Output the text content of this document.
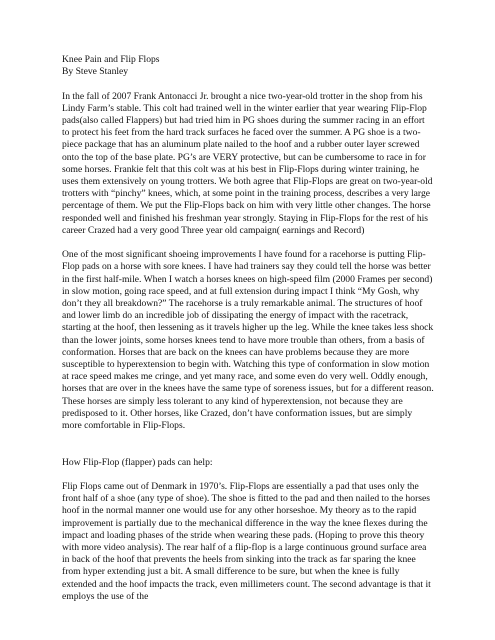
Knee Pain and Flip Flops

By Steve Stanley

In the fall of 2007 Frank Antonacci Jr. brought a nice two-year-old trotter in the shop from his Lindy Farm’s stable. This colt had trained well in the winter earlier that year wearing Flip-Flop pads(also called Flappers) but had tried him in PG shoes during the summer racing in an effort to protect his feet from the hard track surfaces he faced over the summer. A PG shoe is a two-piece package that has an aluminum plate nailed to the hoof and a rubber outer layer screwed onto the top of the base plate. PG’s are VERY protective, but can be cumbersome to race in for some horses. Frankie felt that this colt was at his best in Flip-Flops during winter training, he uses them extensively on young trotters. We both agree that Flip-Flops are great on two-year-old trotters with “pinchy” knees, which, at some point in the training process, describes a very large percentage of them. We put the Flip-Flops back on him with very little other changes. The horse responded well and finished his freshman year strongly. Staying in Flip-Flops for the rest of his career Crazed had a very good Three year old campaign( earnings and Record)

One of the most significant shoeing improvements I have found for a racehorse is putting Flip-Flop pads on a horse with sore knees. I have had trainers say they could tell the horse was better in the first half-mile. When I watch a horses knees on high-speed film (2000 Frames per second) in slow motion, going race speed, and at full extension during impact I think “My Gosh, why don’t they all breakdown?” The racehorse is a truly remarkable animal. The structures of hoof and lower limb do an incredible job of dissipating the energy of impact with the racetrack, starting at the hoof, then lessening as it travels higher up the leg. While the knee takes less shock than the lower joints, some horses knees tend to have more trouble than others, from a basis of conformation. Horses that are back on the knees can have problems because they are more susceptible to hyperextension to begin with. Watching this type of conformation in slow motion at race speed makes me cringe, and yet many race, and some even do very well. Oddly enough, horses that are over in the knees have the same type of soreness issues, but for a different reason. These horses are simply less tolerant to any kind of hyperextension, not because they are predisposed to it. Other horses, like Crazed, don’t have conformation issues, but are simply more comfortable in Flip-Flops.

How Flip-Flop (flapper) pads can help:

Flip Flops came out of Denmark in 1970’s. Flip-Flops are essentially a pad that uses only the front half of a shoe (any type of shoe). The shoe is fitted to the pad and then nailed to the horses hoof in the normal manner one would use for any other horseshoe. My theory as to the rapid improvement is partially due to the mechanical difference in the way the knee flexes during the impact and loading phases of the stride when wearing these pads. (Hoping to prove this theory with more video analysis). The rear half of a flip-flop is a large continuous ground surface area in back of the hoof that prevents the heels from sinking into the track as far sparing the knee from hyper extending just a bit. A small difference to be sure, but when the knee is fully extended and the hoof impacts the track, even millimeters count. The second advantage is that it employs the use of the
